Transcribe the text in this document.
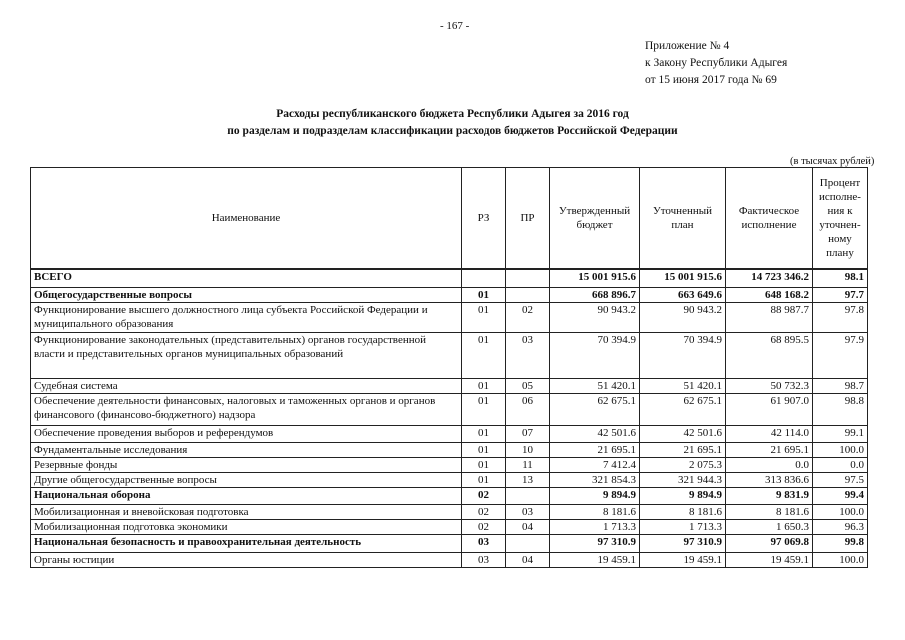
- 167 -
Приложение № 4
к Закону Республики Адыгея
от 15 июня 2017 года № 69
Расходы республиканского бюджета Республики Адыгея за 2016 год
по разделам и подразделам классификации расходов бюджетов Российской Федерации
(в тысячах рублей)
Наименование	РЗ	ПР	Утвержденный бюджет	Уточненный план	Фактическое исполнение	Процент исполне-ния к уточнен-ному плану
ВСЕГО			15 001 915.6	15 001 915.6	14 723 346.2	98.1
Общегосударственные вопросы	01		668 896.7	663 649.6	648 168.2	97.7
Функционирование высшего должностного лица субъекта Российской Федерации и муниципального образования	01	02	90 943.2	90 943.2	88 987.7	97.8
Функционирование законодательных (представительных) органов государственной власти и представительных органов муниципальных образований	01	03	70 394.9	70 394.9	68 895.5	97.9
Судебная система	01	05	51 420.1	51 420.1	50 732.3	98.7
Обеспечение деятельности финансовых, налоговых и таможенных органов и органов финансового (финансово-бюджетного) надзора	01	06	62 675.1	62 675.1	61 907.0	98.8
Обеспечение проведения выборов и референдумов	01	07	42 501.6	42 501.6	42 114.0	99.1
Фундаментальные исследования	01	10	21 695.1	21 695.1	21 695.1	100.0
Резервные фонды	01	11	7 412.4	2 075.3	0.0	0.0
Другие общегосударственные вопросы	01	13	321 854.3	321 944.3	313 836.6	97.5
Национальная оборона	02		9 894.9	9 894.9	9 831.9	99.4
Мобилизационная и вневойсковая подготовка	02	03	8 181.6	8 181.6	8 181.6	100.0
Мобилизационная подготовка экономики	02	04	1 713.3	1 713.3	1 650.3	96.3
Национальная безопасность и правоохранительная деятельность	03		97 310.9	97 310.9	97 069.8	99.8
Органы юстиции	03	04	19 459.1	19 459.1	19 459.1	100.0
